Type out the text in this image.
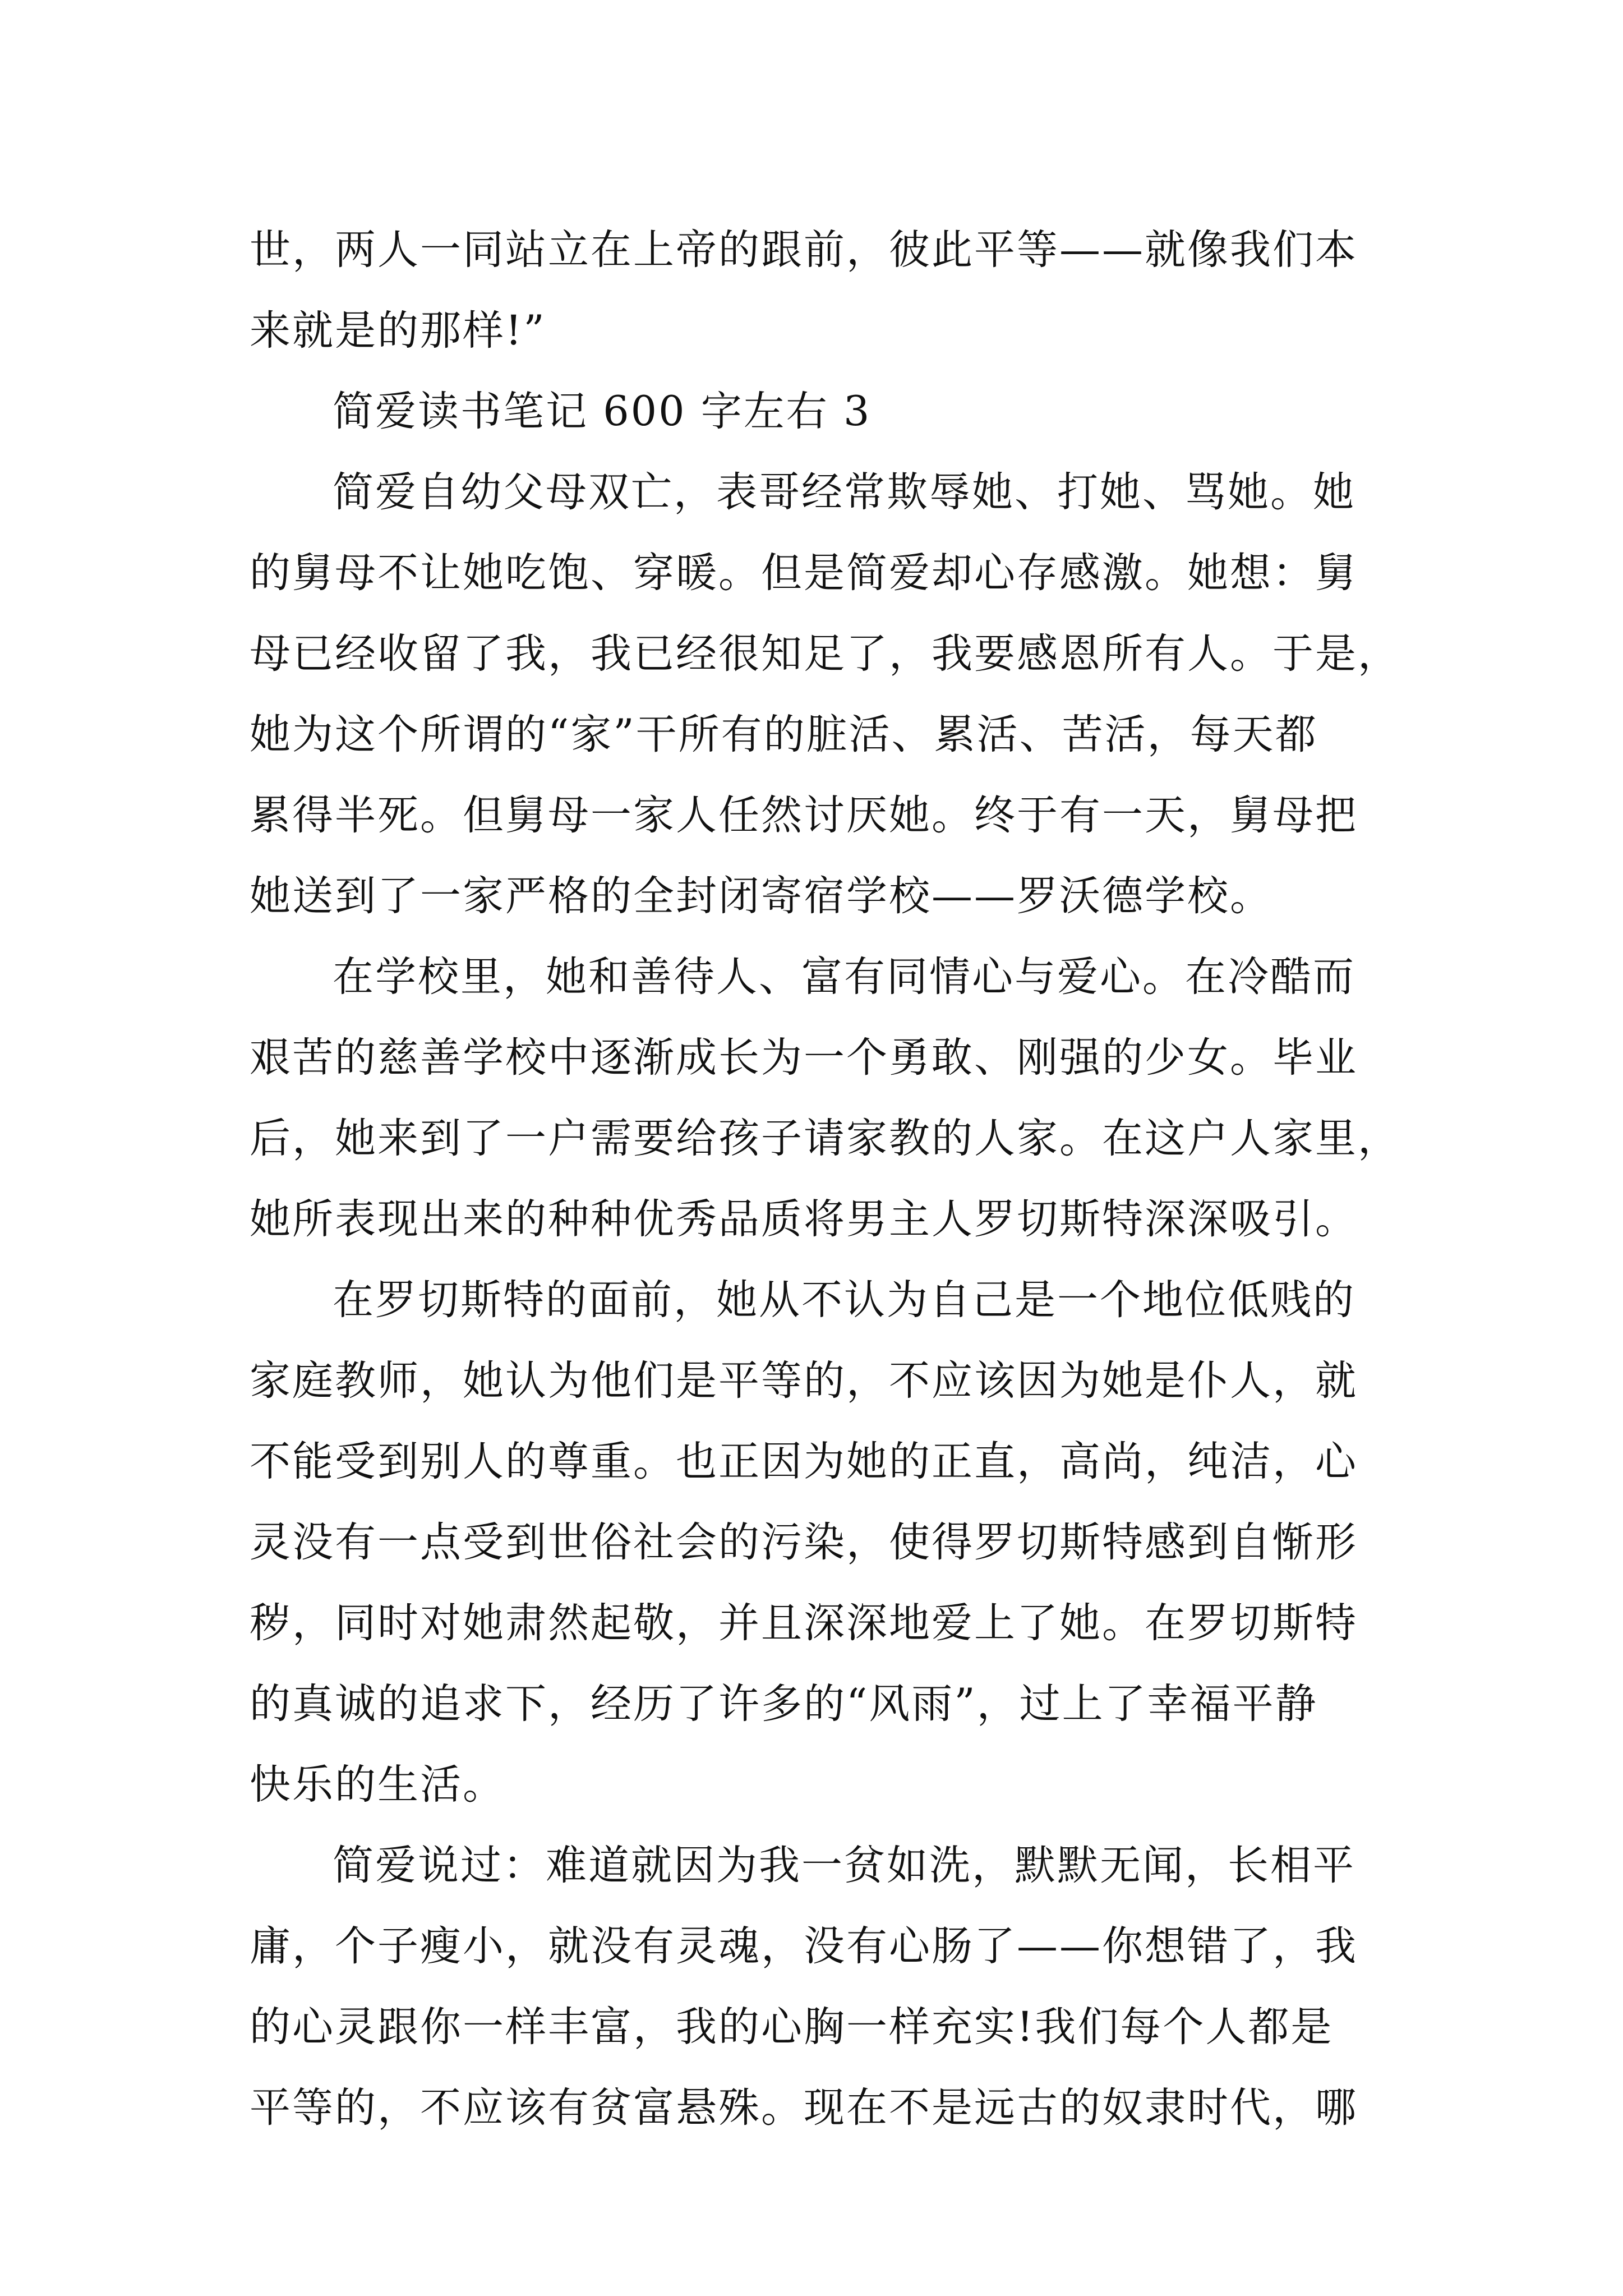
世，两人一同站立在上帝的跟前，彼此平等——就像我们本
来就是的那样!”
简爱读书笔记 600 字左右 3
简爱自幼父母双亡，表哥经常欺辱她、打她、骂她。她
的舅母不让她吃饱、穿暖。但是简爱却心存感激。她想：舅
母已经收留了我，我已经很知足了，我要感恩所有人。于是，
她为这个所谓的“家”干所有的脏活、累活、苦活，每天都
累得半死。但舅母一家人任然讨厌她。终于有一天，舅母把
她送到了一家严格的全封闭寄宿学校——罗沃德学校。
在学校里，她和善待人、富有同情心与爱心。在冷酷而
艰苦的慈善学校中逐渐成长为一个勇敢、刚强的少女。毕业
后，她来到了一户需要给孩子请家教的人家。在这户人家里，
她所表现出来的种种优秀品质将男主人罗切斯特深深吸引。
在罗切斯特的面前，她从不认为自己是一个地位低贱的
家庭教师，她认为他们是平等的，不应该因为她是仆人，就
不能受到别人的尊重。也正因为她的正直，高尚，纯洁，心
灵没有一点受到世俗社会的污染，使得罗切斯特感到自惭形
秽，同时对她肃然起敬，并且深深地爱上了她。在罗切斯特
的真诚的追求下，经历了许多的“风雨”，过上了幸福平静
快乐的生活。
简爱说过：难道就因为我一贫如洗，默默无闻，长相平
庸，个子瘦小，就没有灵魂，没有心肠了——你想错了，我
的心灵跟你一样丰富，我的心胸一样充实!我们每个人都是
平等的，不应该有贫富悬殊。现在不是远古的奴隶时代，哪
